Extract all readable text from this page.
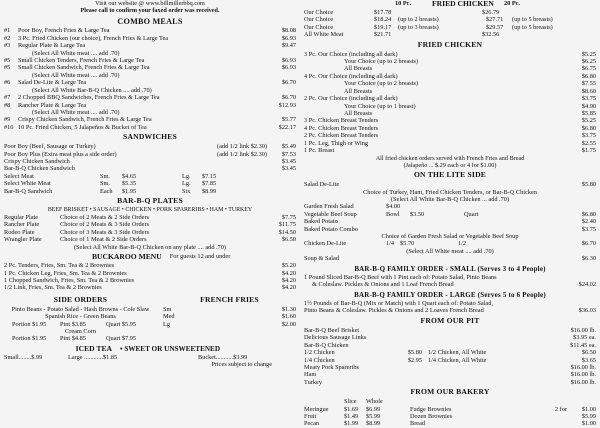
Visit our website @ www.billmillerbbq.com
Please call to confirm your faxed order was received.
COMBO MEALS
#1	Poor Boy, French Fries & Large Tea	$8.08
#2	3 Pc. Fried Chicken (our choice), French Fries & Large Tea	$6.93
#3	Regular Plate & Large Tea	$9.47
(Select All White meat .... add .70)
#5	Small Chicken Tenders, French Fries & Large Tea	$6.93
#5	Small Chicken Sandwich, French Fries & Large Tea	$6.93
(Select All White meat .... add .70)
#6	Salad De-Lite & Large Tea	$6.70
(Select All White Bar-B-Q Chicken .... add .70)
#7	2 Chopped BBQ Sandwiches, French Fries & Large Tea	$6.70
#8	Rancher Plate & Large Tea	$12.93
(Select All White meat .... add .70)
#9	Crispy Chicken Sandwich, French Fries & Large Tea	$5.77
#10 10 Pc. Fried Chicken, 5 Jalapeños & Bucket of Tea	$22.17
SANDWICHES
Poor Boy (Beef, Sausage or Turkey)	(add 1/2 link $2.30)	$5.49
Poor Boy Plus (Extra meat plus a side order)	(add 1/2 link $2.30)	$7.53
Crispy Chicken Sandwich	$3.45
Bar-B-Q Chicken Sandwich	$3.45
Select Meat	Sm.	$4.65	Lg.	$7.15
Select White Meat	Sm.	$5.35	Lg.	$7.85
Bar-B-Q Sandwich	Each	$1.95	Six	$8.99
BAR-B-Q PLATES
BEEF BRISKET • SAUSAGE • CHICKEN • PORK SPARERIBS • HAM • TURKEY
Regular Plate	Choice of 2 Meats & 2 Side Orders	$7.75
Rancher Plate	Choice of 2 Meats & 3 Side Orders	$11.75
Rodeo Plate	Choice of 3 Meats & 3 Side Orders	$14.50
Wrangler Plate	Choice of 1 Meat & 2 Side Orders	$6.50
(Select All White Bar-B-Q Chicken on any plate .... add .70)
BUCKAROO MENU	For guests 12 and under
2 Pc. Tenders, Fries, Sm. Tea & 2 Brownies	$5.20
1 Pc. Chicken Leg, Fries, Sm. Tea & 2 Brownies	$4.20
1 Chopped Sandwich, Fries, Sm. Tea & 2 Brownies	$4.20
1/2 Link, Fries, Sm. Tea & 2 Brownies	$4.20
SIDE ORDERS
Pinto Beans - Potato Salad - Hash Browns - Cole Slaw
Spanish Rice - Green Beans
Portion $1.95	Pint $3.85	Quart $5.95
Cream Corn
Portion $1.95	Pint $4.85	Quart $7.95
FRENCH FRIES
Sm	$1.30
Med	$1.60
Lg	$2.00
ICED TEA	• SWEET OR UNSWEETENED
Small........$.99	Large ............$1.85	Bucket...........$3.99
Prices subject to change
10 Pc.	FRIED CHICKEN	20 Pc.
Our Choice	$17.78	$26.79
Our Choice	$18.24	(up to 2 breasts)	$27.71	(up to 5 breasts)
Our Choice	$19.17	(up to 3 breasts)	$29.57	(up to 5 breasts)
All White Meat	$21.71	$32.56
FRIED CHICKEN
3 Pc. Our Choice (including all dark)	$5.25
Your Choice (up to 2 breasts)	$6.25
All Breasts	$6.75
4 Pc. Our Choice (including all dark)	$6.80
Your Choice (up to 2 breasts)	$7.55
All Breasts	$8.60
2 Pc. Our Choice (including all dark)	$3.75
Your Choice (up to 1 breast)	$4.90
All Breasts	$5.85
3 Pc. Chicken Breast Tenders	$5.25
4 Pc. Chicken Breast Tenders	$6.80
2 Pc. Chicken Breast Tenders	$3.75
1 Pc. Leg, Thigh or Wing	$2.55
1 Pc. Breast	$1.75
All fried chicken orders served with French Fries and Bread
(Jalapeño ... $.29 each or 4 for $1.00)
ON THE LITE SIDE
Salad De-Lite	$5.80
Choice of Turkey, Ham, Fried Chicken Tenders, or Bar-B-Q Chicken
(Select All White Bar-B-Q Chicken ... add .70)
Garden Fresh Salad	$4.00
Vegetable Beef Soup	Bowl	$3.50	Quart	$6.80
Baked Potato	$2.40
Baked Potato Combo	$3.75
Choice of Garden Fresh Salad or Vegetable Beef Soup
Chicken De-Lite	1/4 $5.70	1/2	$6.70
(Select All White meat .... add .70)
Soup & Salad	$6.30
BAR-B-Q FAMILY ORDER - SMALL (Serves 3 to 4 People)
1 Pound Sliced Bar-B-Q Beef with 1 Pint each of: Potato Salad, Pinto Beans
& Coleslaw. Pickles & Onions and 1 Loaf French Bread	$24.02
BAR-B-Q FAMILY ORDER - LARGE (Serves 5 to 6 People)
1½ Pounds of Bar-B-Q (Mix or Match) with 1 Quart each of: Potato Salad,
Pinto Beans & Coleslaw. Pickles & Onions and 2 Loaves French Bread	$36.03
FROM OUR PIT
Bar-B-Q Beef Brisket	$16.00 lb.
Delicious Sausage Links	$3.95 ea.
Bar-B-Q Chicken	$11.45 ea.
1/2 Chicken	$5.80 1/2 Chicken, All White	$6.50
1/4 Chicken	$2.95 1/4 Chicken, All White	$3.65
Meaty Pork Spareribs	$16.00 lb.
Ham	$16.00 lb.
Turkey	$16.00 lb.
FROM OUR BAKERY
Slice	Whole
Meringue	$1.69	$6.99	Fudge Brownies	2 for	$1.00
Fruit	$1.49	$5.99	Dozen Brownies	$5.99
Pecan	$1.99	$8.99	Bread	$1.00
